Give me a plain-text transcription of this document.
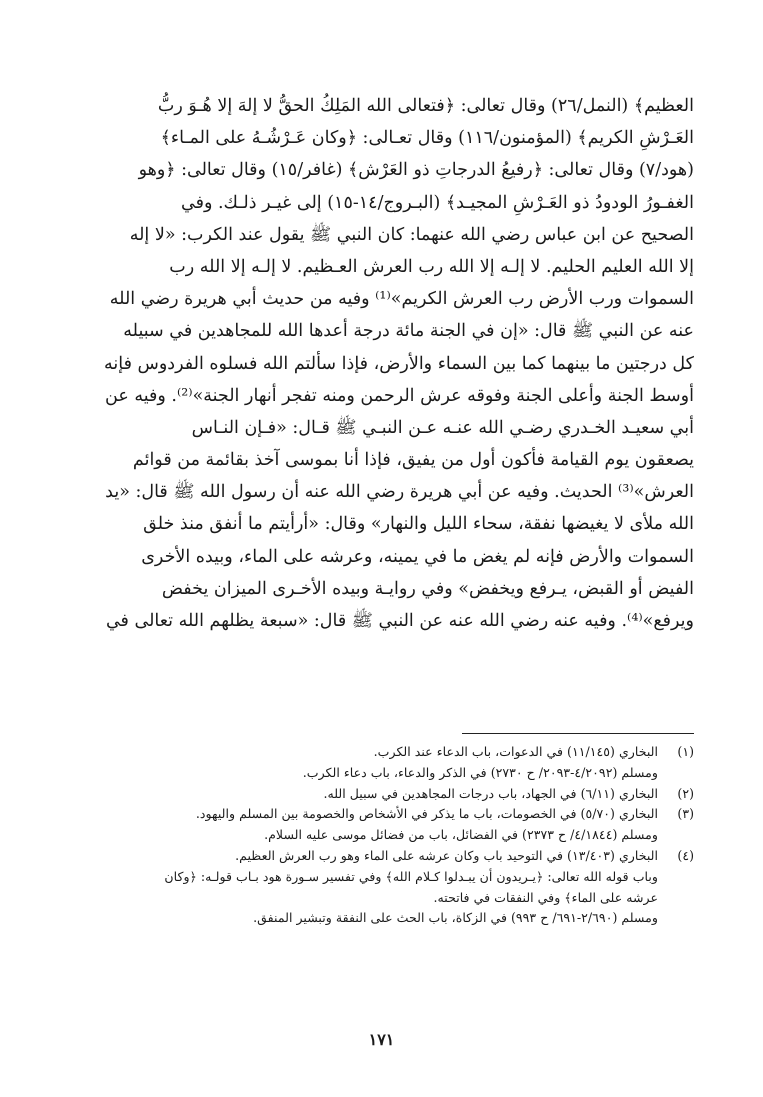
العظيم﴾ (النمل/٢٦) وقال تعالى: ﴿فتعالى الله المَلِكُ الحقُّ لا إلهَ إلا هُـوَ ربُّ
العَـرْشِ الكريم﴾ (المؤمنون/١١٦) وقال تعـالى: ﴿وكان عَـرْشُـهُ على المـاء﴾
(هود/٧) وقال تعالى: ﴿رفيعُ الدرجاتِ ذو العَرْش﴾ (غافر/١٥) وقال تعالى: ﴿وهو
الغفـورُ الودودُ ذو العَـرْشِ المجيـد﴾ (البـروج/١٤-١٥) إلى غيـر ذلـك. وفي
الصحيح عن ابن عباس رضي الله عنهما: كان النبي ﷺ يقول عند الكرب: «لا إله
إلا الله العليم الحليم. لا إلـه إلا الله رب العرش العـظيم. لا إلـه إلا الله رب
السموات ورب الأرض رب العرش الكريم»⁽¹⁾ وفيه من حديث أبي هريرة رضي الله
عنه عن النبي ﷺ قال: «إن في الجنة مائة درجة أعدها الله للمجاهدين في سبيله
كل درجتين ما بينهما كما بين السماء والأرض، فإذا سألتم الله فسلوه الفردوس فإنه
أوسط الجنة وأعلى الجنة وفوقه عرش الرحمن ومنه تفجر أنهار الجنة»⁽²⁾. وفيه عن
أبي سعيـد الخـدري رضـي الله عنـه عـن النبـي ﷺ قـال: «فـإن النـاس
يصعقون يوم القيامة فأكون أول من يفيق، فإذا أنا بموسى آخذ بقائمة من قوائم
العرش»⁽³⁾ الحديث. وفيه عن أبي هريرة رضي الله عنه أن رسول الله ﷺ قال: «يد
الله ملأى لا يغيضها نفقة، سحاء الليل والنهار» وقال: «أرأيتم ما أنفق منذ خلق
السموات والأرض فإنه لم يغض ما في يمينه، وعرشه على الماء، وبيده الأخرى
الفيض أو القبض، يـرفع ويخفض» وفي روايـة وبيده الأخـرى الميزان يخفض
ويرفع»⁽⁴⁾. وفيه عنه رضي الله عنه عن النبي ﷺ قال: «سبعة يظلهم الله تعالى في
(١)البخاري (١١/١٤٥) في الدعوات، باب الدعاء عند الكرب.
ومسلم (٤/٢٠٩٢-٢٠٩٣/ ح ٢٧٣٠) في الذكر والدعاء، باب دعاء الكرب.
(٢)البخاري (٦/١١) في الجهاد، باب درجات المجاهدين في سبيل الله.
(٣)البخاري (٥/٧٠) في الخصومات، باب ما يذكر في الأشخاص والخصومة بين المسلم واليهود.
ومسلم (٤/١٨٤٤/ ح ٢٣٧٣) في الفضائل، باب من فضائل موسى عليه السلام.
(٤)البخاري (١٣/٤٠٣) في التوحيد باب وكان عرشه على الماء وهو رب العرش العظيم.
وباب قوله الله تعالى: ﴿يـريدون أن يبـدلوا كـلام الله﴾ وفي تفسير سـورة هود بـاب قولـه: ﴿وكان
عرشه على الماء﴾ وفي النفقات في فاتحته.
ومسلم (٢/٦٩٠-٦٩١/ ح ٩٩٣) في الزكاة، باب الحث على النفقة وتبشير المنفق.
١٧١
